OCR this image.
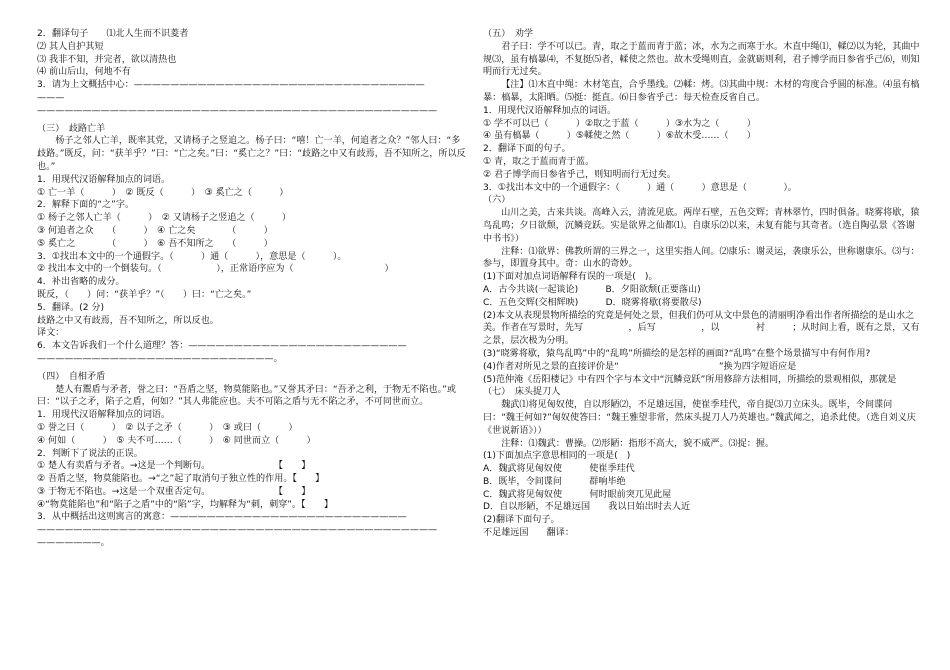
2．翻译句子　　⑴北人生而不识菱者
⑵ 其人自护其短
⑶ 我非不知，并完者，欲以清热也
⑷ 前山后山，何地不有
3．请为上文概括中心：————————————————————————————————
———
————————————————————————————————————————————
（三）　歧路亡羊
杨子之邻人亡羊，既率其党，又请杨子之竖追之。杨子曰：“嘻！亡一羊，何追者之众？”邻人曰：“多歧路。”既反，问：“获羊乎？”曰：“亡之矣。”曰：“奚亡之？”曰：“歧路之中又有歧焉，吾不知所之，所以反也。”
1．用现代汉语解释加点的词语。
① 亡一羊（　　　）　② 既反（　　　）　③ 奚亡之（　　　）
2．解释下面的“之”字。
① 杨子之邻人亡羊（　　　）　② 又请杨子之竖追之（　　　）
③ 何追者之众　　（　　　）　④ 亡之矣　　　　（　　　）
⑤ 奚亡之　　　　（　　　）　⑥ 吾不知所之　　（　　　）
3．①找出本文中的一个通假字。（　　　）通（　　　），意思是（　　　）。
② 找出本文中的一个倒装句。（　　　　　　），正常语序应为（　　　　　　　　　　）
4．补出省略的成分。
既反，（　　）问：“获羊乎？”（　　）曰：“亡之矣。”
5．翻译。(2 分)
歧路之中又有歧焉，吾不知所之，所以反也。
译文：
6．本文告诉我们一个什么道理？答：————————————————————————
——————————————————————————。
（四）　自相矛盾
楚人有鬻盾与矛者，誉之曰：“吾盾之坚，物莫能陷也。”又誉其矛曰：“吾矛之利，于物无不陷也。”或曰：“以子之矛，陷子之盾，何如？”其人弗能应也。夫不可陷之盾与无不陷之矛，不可同世而立。
1．用现代汉语解释加点的词语。
① 誉之曰（　　　）　② 以子之矛（　　　）　③ 或曰（　　　）
④ 何如（　　　）　⑤ 夫不可……（　　　）　⑥ 同世而立（　　　）
2．判断下了说法的正误。
① 楚人有卖盾与矛者。→这是一个判断句。　　　　　　　　【　　】
② 吾盾之坚，物莫能陷也。→“之”起了取消句子独立性的作用。【　　】
③ 于物无不陷也。→这是一个双重否定句。　　　　　　　　【　　】
④“物莫能陷也”和“陷子之盾”中的“陷”字，均解释为“刺，刺穿”。【　　】
3．从中概括出这则寓言的寓意：——————————————————————————
————————————————————————————————————————————
———————。
（五）　劝学
君子曰：学不可以已。青，取之于蓝而青于蓝；冰，水为之而寒于水。木直中绳⑴，輮⑵以为轮，其曲中规⑶，虽有槁暴⑷，不复挺⑸者，輮使之然也。故木受绳则直，金就砺则利，君子博学而日参省乎己⑹，则知明而行无过矣。
【注】⑴木直中绳：木材笔直，合乎墨线。⑵輮：烤。⑶其曲中规：木材的弯度合乎圆的标准。⑷虽有槁暴：槁暴，太阳晒。⑸挺：挺直。⑹日参省乎己：每天检查反省自己。
1．用现代汉语解释加点的词语。
① 学不可以已（　　　）②取之于蓝（　　　）③水为之（　　　）
④ 虽有槁暴（　　　）⑤輮使之然（　　　）⑥故木受……（　　）
2．翻译下面的句子。
① 青，取之于蓝而青于蓝。
② 君子博学而日参省乎己，则知明而行无过矣。
3．①找出本文中的一个通假字：（　　　）通（　　　）意思是（　　　　）。
（六）
山川之美，古来共谈。高峰入云，清流见底。两岸石壁，五色交辉；青林翠竹，四时俱备。晓雾将歇，猿鸟乱鸣；夕日欲颓，沉鳞竞跃。实是欲界之仙都⑴。自康乐⑵以来，未复有能与其奇者。（选自陶弘景《答谢中书书》）
注释：⑴欲界：佛教所谓的三界之一，这里实指人间。⑵康乐：谢灵运，袭康乐公，世称谢康乐。⑶与：参与，即置身其中。奇：山水的奇妙。
(1)下面对加点词语解释有误的一项是(　)。
A．古今共谈(一起谈论)　　　B．夕阳欲颓(正要落山)
C．五色交辉(交相辉映)　　　D．晓雾将歇(将要散尽)
(2)本文从表现景物所描绘的究竟是何处之景，但我们仍可从文中景色的清丽明净看出作者所描绘的是山水之美。作者在写景时，先写　　　　　，后写　　　　　，以　　　　衬　　　；从时间上看，既有之景，又有　　　　　　之景，层次极为分明。
(3)“晓雾将歇，猿鸟乱鸣”中的“乱鸣”所描绘的是怎样的画面?“乱鸣”在整个场景描写中有何作用?
(4)作者对所见之景的直接评价是“　　　　　　　　　　　”换为四字短语应是
(5)范仲淹《岳阳楼记》中有四个字与本文中“沉鳞竞跃”所用修辞方法相同，所描绘的景观相似，那就是
（七）　床头捉刀人
魏武⑴将见匈奴使，自以形陋⑵，不足雄远国，使崔季珪代，帝自捉⑶刀立床头。既毕，令间谍问曰：“魏王何如?”匈奴使答曰：“魏王雅望非常，然床头捉刀人乃英雄也。”魏武闻之，追杀此使。（选自刘义庆《世说新语》））
注释：⑴魏武：曹操。⑵形陋：指形不高大，貌不威严。⑶捉：握。
(1)下面加点字意思相同的一项是(　)
A．魏武将见匈奴使　　　使崔季珪代
B．既毕，令间谍问　　　群响毕绝
C．魏武将见匈奴使　　　何时眼前突兀见此屋
D．自以形陋，不足雄远国　　我以日始出时去人近
(2)翻译下面句子。
不足雄远国　　翻译：
